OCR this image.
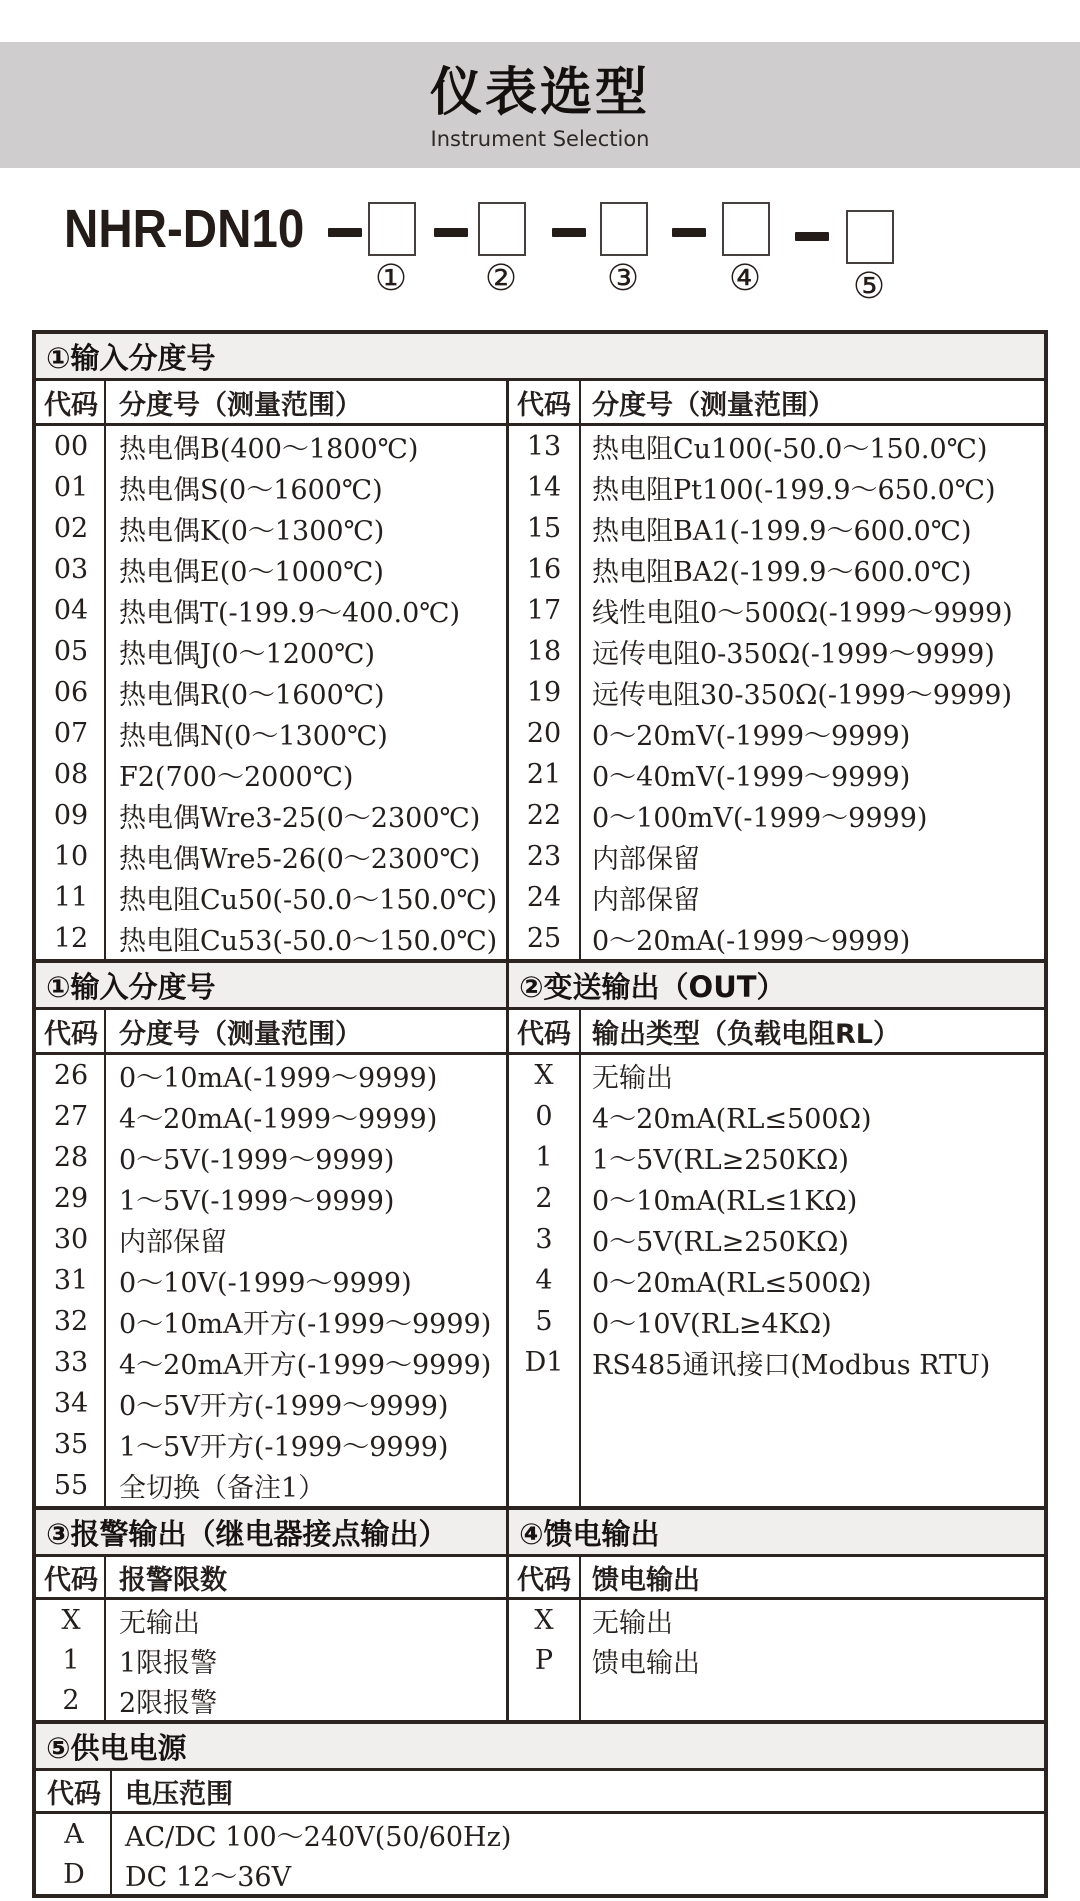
仪表选型
Instrument Selection
NHR-DN10
① ② ③ ④	⑤
①输入分度号
代码 分度号（测量范围）	代码 分度号（测量范围）
00	热电偶B(400～1800℃)
01	热电偶S(0～1600℃)
02	热电偶K(0～1300℃)
03	热电偶E(0～1000℃)
04	热电偶T(-199.9～400.0℃)
05	热电偶J(0～1200℃)
06	热电偶R(0～1600℃)
07	热电偶N(0～1300℃)
08	F2(700～2000℃)
09	热电偶Wre3-25(0～2300℃)
10	热电偶Wre5-26(0～2300℃)
11	热电阻Cu50(-50.0～150.0℃)
12	热电阻Cu53(-50.0～150.0℃)
13	热电阻Cu100(-50.0～150.0℃)
14	热电阻Pt100(-199.9～650.0℃)
15	热电阻BA1(-199.9～600.0℃)
16	热电阻BA2(-199.9～600.0℃)
17	线性电阻0～500Ω(-1999～9999)
18	远传电阻0-350Ω(-1999～9999)
19	远传电阻30-350Ω(-1999～9999)
20	0～20mV(-1999～9999)
21	0～40mV(-1999～9999)
22	0～100mV(-1999～9999)
23	内部保留
24	内部保留
25	0～20mA(-1999～9999)
①输入分度号	②变送输出（OUT）
代码 分度号（测量范围）	代码 输出类型（负载电阻RL）
26	0～10mA(-1999～9999)
27	4～20mA(-1999～9999)
28	0～5V(-1999～9999)
29	1～5V(-1999～9999)
30	内部保留
31	0～10V(-1999～9999)
32	0～10mA开方(-1999～9999)
33	4～20mA开方(-1999～9999)
34	0～5V开方(-1999～9999)
35	1～5V开方(-1999～9999)
55	全切换（备注1）
X	无输出
0	4～20mA(RL≤500Ω)
1	1～5V(RL≥250KΩ)
2	0～10mA(RL≤1KΩ)
3	0～5V(RL≥250KΩ)
4	0～20mA(RL≤500Ω)
5	0～10V(RL≥4KΩ)
D1	RS485通讯接口(Modbus RTU)
③报警输出（继电器接点输出）	④馈电输出
代码 报警限数	代码 馈电输出
X	无输出
1	1限报警
2	2限报警
X	无输出
P	馈电输出
⑤供电电源
代码 电压范围
A	AC/DC 100～240V(50/60Hz)
D	DC 12～36V
